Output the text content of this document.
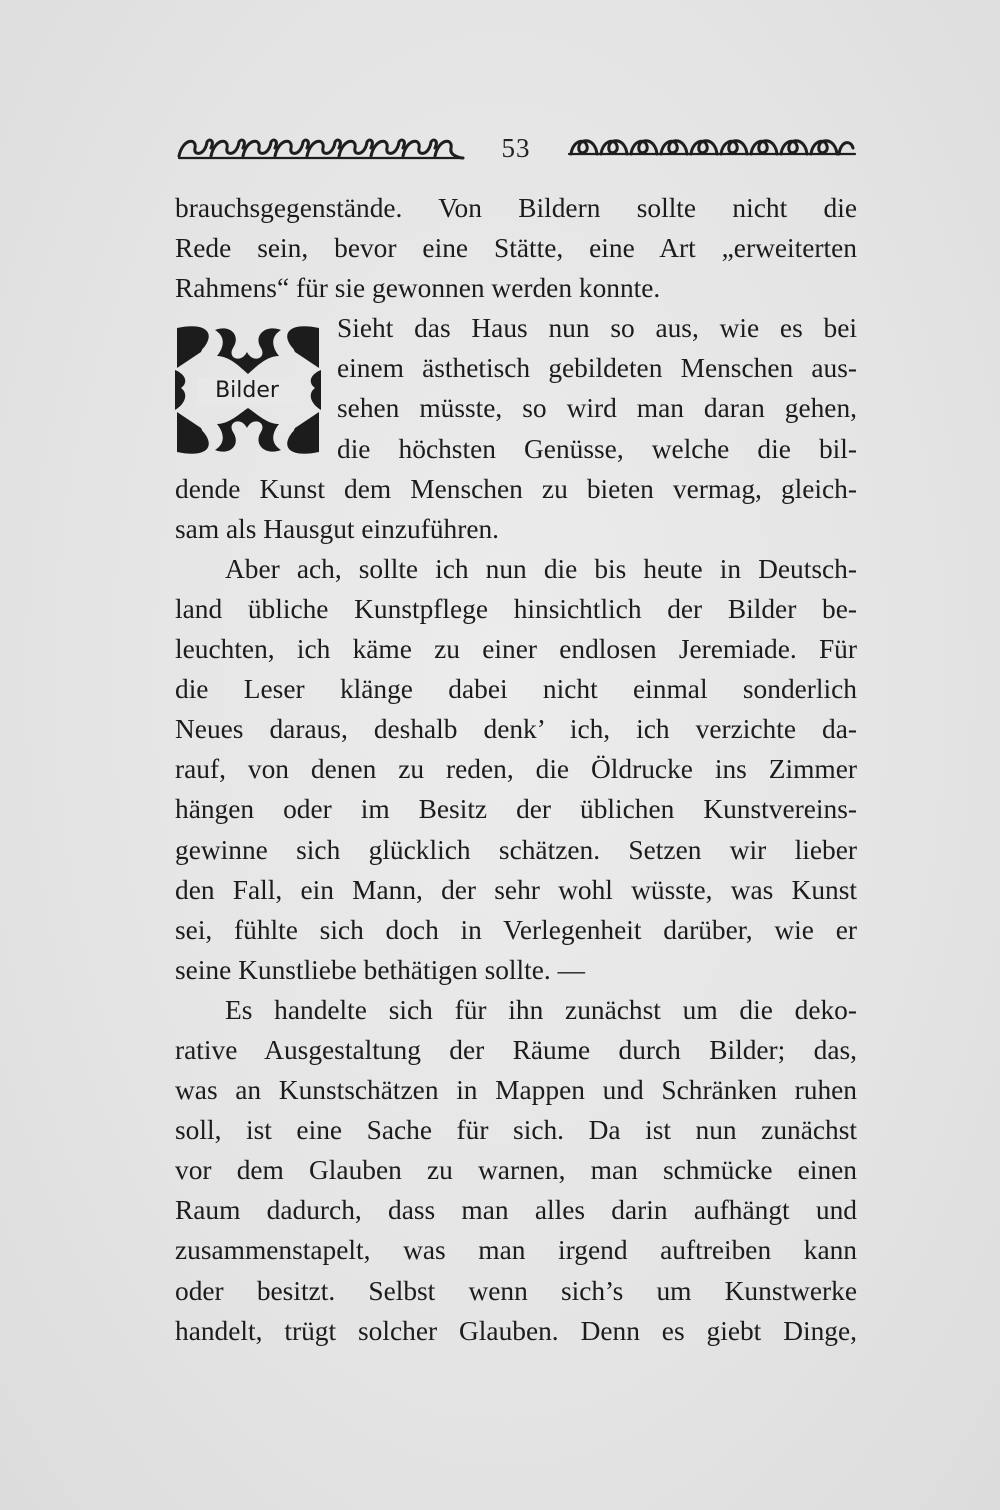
53
Bilder
brauchsgegenstände. Von Bildern sollte nicht die
Rede sein, bevor eine Stätte, eine Art „erweiterten
Rahmens“ für sie gewonnen werden konnte.
Sieht das Haus nun so aus, wie es bei
einem ästhetisch gebildeten Menschen aus-
sehen müsste, so wird man daran gehen,
die höchsten Genüsse, welche die bil-
dende Kunst dem Menschen zu bieten vermag, gleich-
sam als Hausgut einzuführen.
Aber ach, sollte ich nun die bis heute in Deutsch-
land übliche Kunstpflege hinsichtlich der Bilder be-
leuchten, ich käme zu einer endlosen Jeremiade. Für
die Leser klänge dabei nicht einmal sonderlich
Neues daraus, deshalb denk’ ich, ich verzichte da-
rauf, von denen zu reden, die Öldrucke ins Zimmer
hängen oder im Besitz der üblichen Kunstvereins-
gewinne sich glücklich schätzen. Setzen wir lieber
den Fall, ein Mann, der sehr wohl wüsste, was Kunst
sei, fühlte sich doch in Verlegenheit darüber, wie er
seine Kunstliebe bethätigen sollte. —
Es handelte sich für ihn zunächst um die deko-
rative Ausgestaltung der Räume durch Bilder; das,
was an Kunstschätzen in Mappen und Schränken ruhen
soll, ist eine Sache für sich. Da ist nun zunächst
vor dem Glauben zu warnen, man schmücke einen
Raum dadurch, dass man alles darin aufhängt und
zusammenstapelt, was man irgend auftreiben kann
oder besitzt. Selbst wenn sich’s um Kunstwerke
handelt, trügt solcher Glauben. Denn es giebt Dinge,
